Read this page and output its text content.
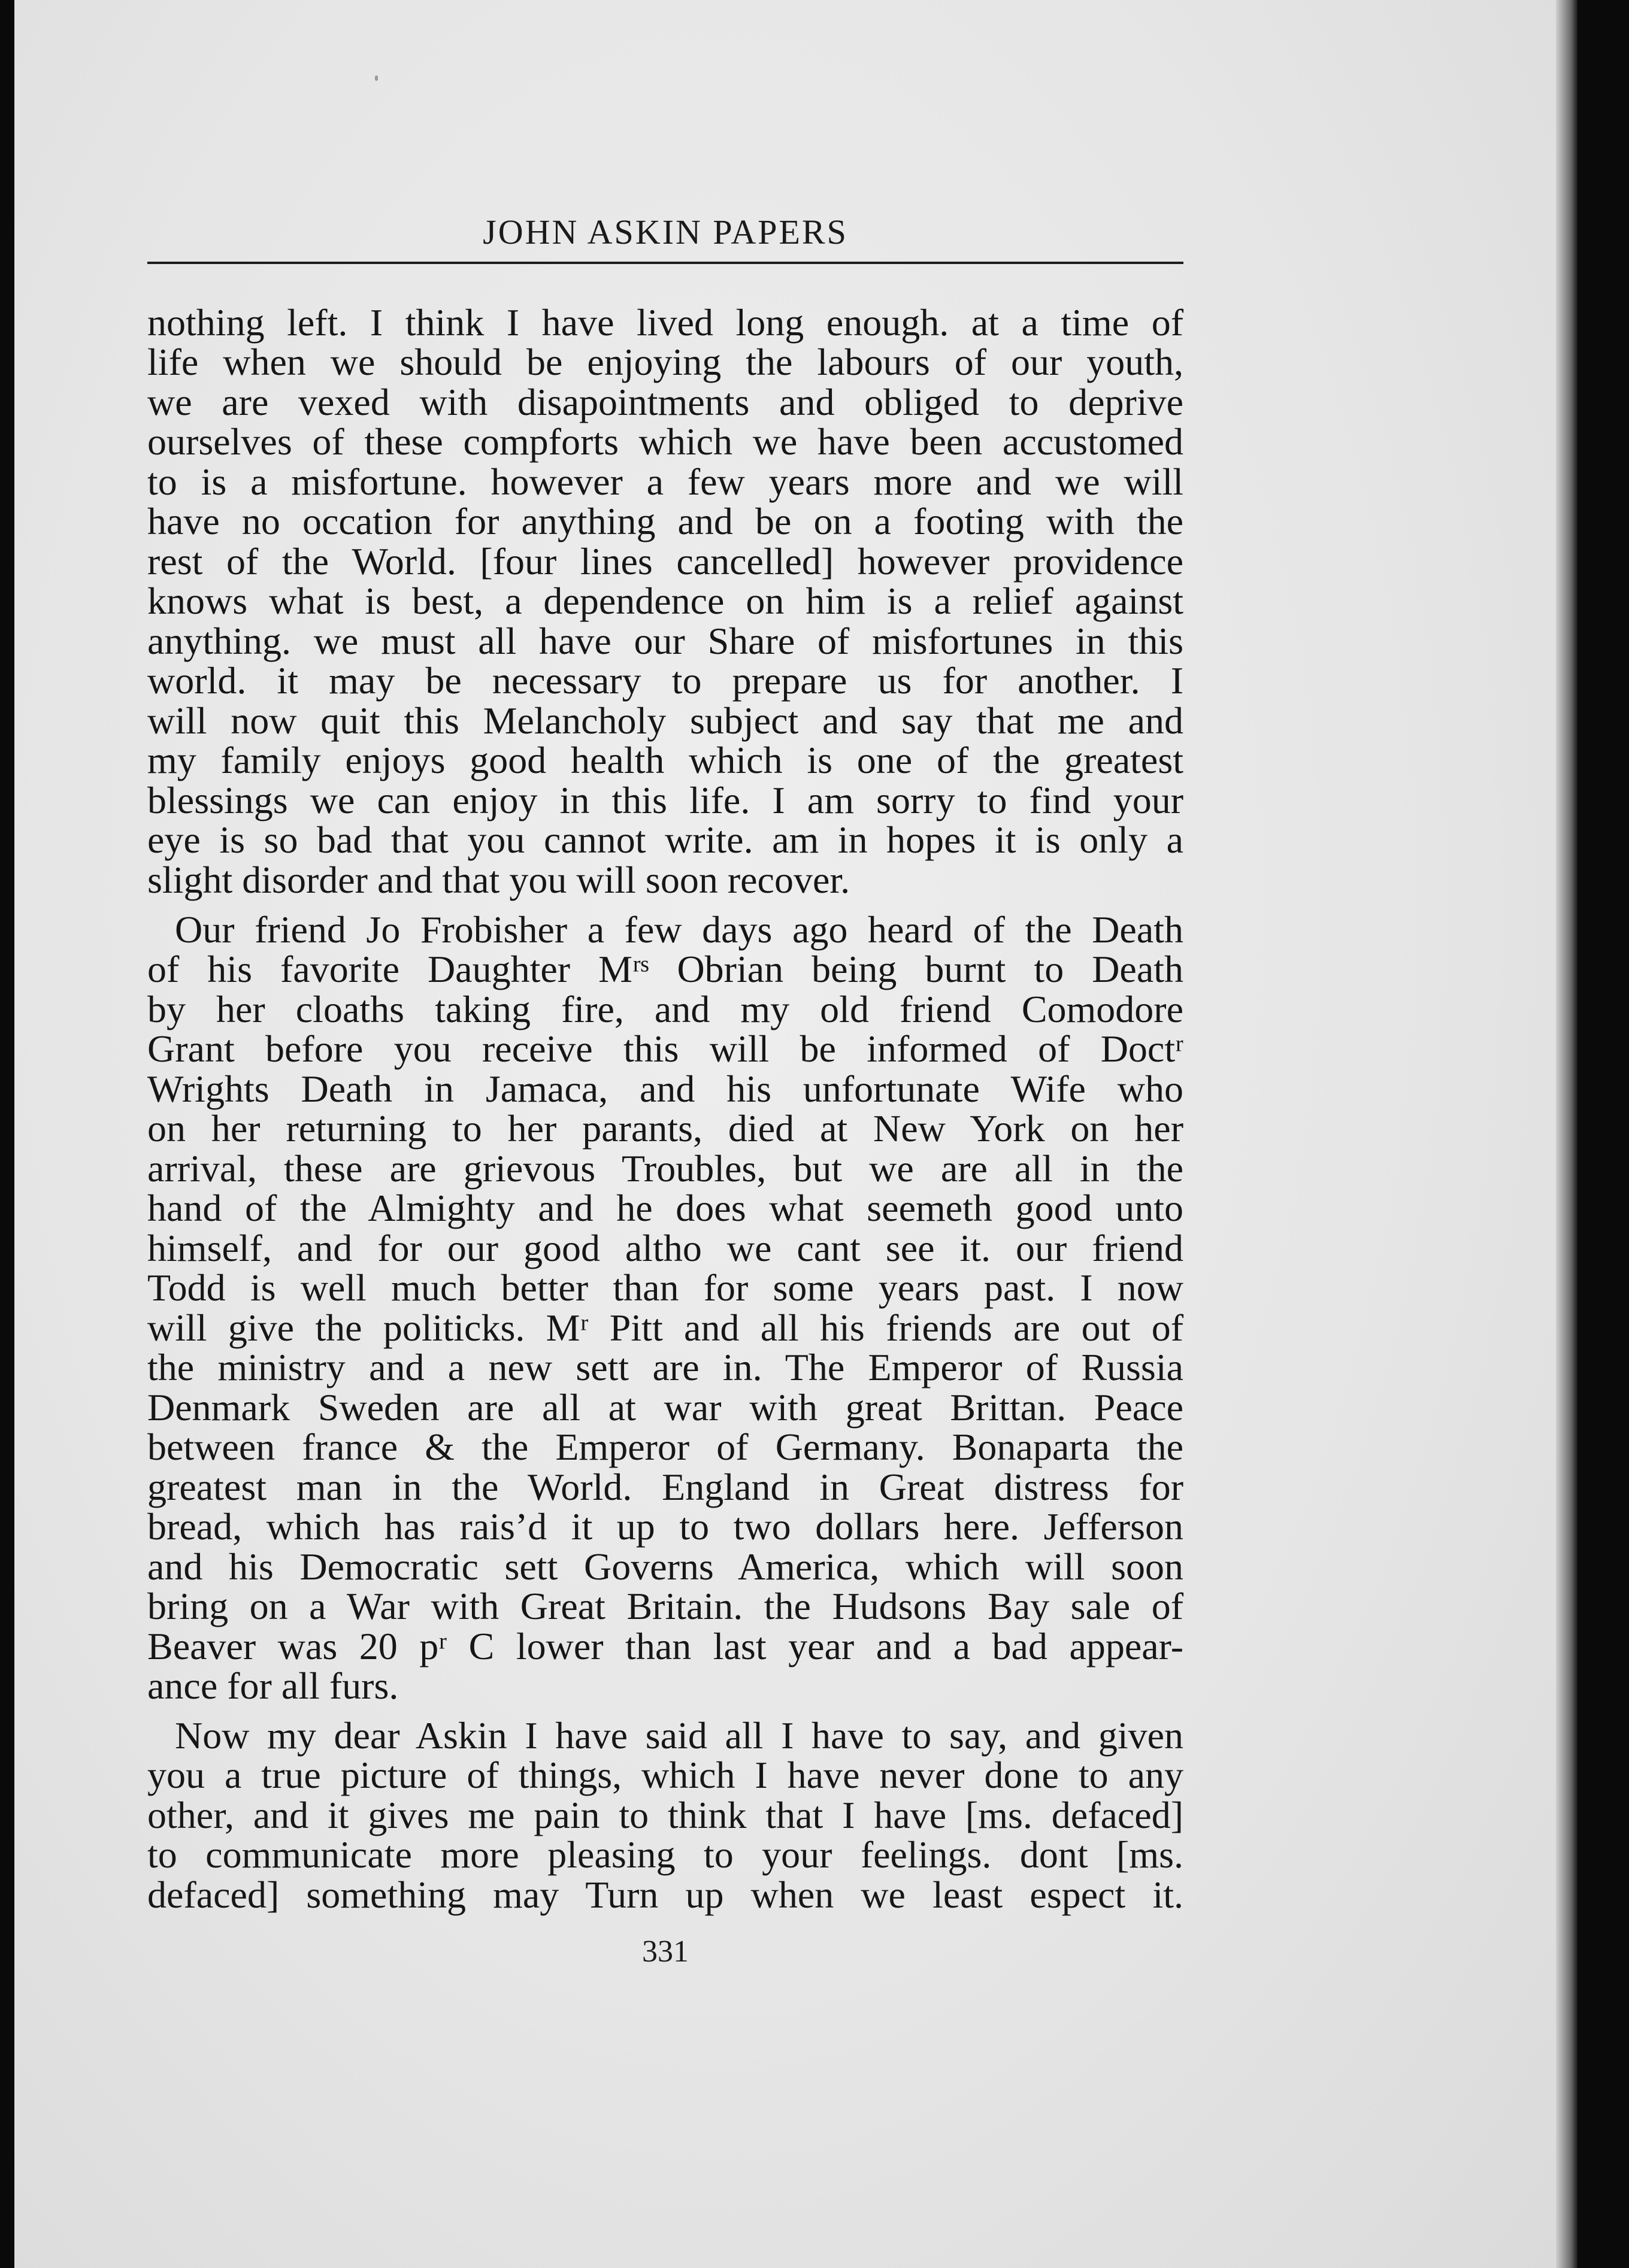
JOHN ASKIN PAPERS
nothing left. I think I have lived long enough. at a time of
life when we should be enjoying the labours of our youth,
we are vexed with disapointments and obliged to deprive
ourselves of these compforts which we have been accustomed
to is a misfortune. however a few years more and we will
have no occation for anything and be on a footing with the
rest of the World. [four lines cancelled] however providence
knows what is best, a dependence on him is a relief against
anything. we must all have our Share of misfortunes in this
world. it may be necessary to prepare us for another. I
will now quit this Melancholy subject and say that me and
my family enjoys good health which is one of the greatest
blessings we can enjoy in this life. I am sorry to find your
eye is so bad that you cannot write. am in hopes it is only a
slight disorder and that you will soon recover.
Our friend Jo Frobisher a few days ago heard of the Death
of his favorite Daughter Mʳˢ Obrian being burnt to Death
by her cloaths taking fire, and my old friend Comodore
Grant before you receive this will be informed of Doctʳ
Wrights Death in Jamaca, and his unfortunate Wife who
on her returning to her parants, died at New York on her
arrival, these are grievous Troubles, but we are all in the
hand of the Almighty and he does what seemeth good unto
himself, and for our good altho we cant see it. our friend
Todd is well much better than for some years past. I now
will give the politicks. Mʳ Pitt and all his friends are out of
the ministry and a new sett are in. The Emperor of Russia
Denmark Sweden are all at war with great Brittan. Peace
between france & the Emperor of Germany. Bonaparta the
greatest man in the World. England in Great distress for
bread, which has rais’d it up to two dollars here. Jefferson
and his Democratic sett Governs America, which will soon
bring on a War with Great Britain. the Hudsons Bay sale of
Beaver was 20 pʳ C lower than last year and a bad appear-
ance for all furs.
Now my dear Askin I have said all I have to say, and given
you a true picture of things, which I have never done to any
other, and it gives me pain to think that I have [ms. defaced]
to communicate more pleasing to your feelings. dont [ms.
defaced] something may Turn up when we least espect it.
331
